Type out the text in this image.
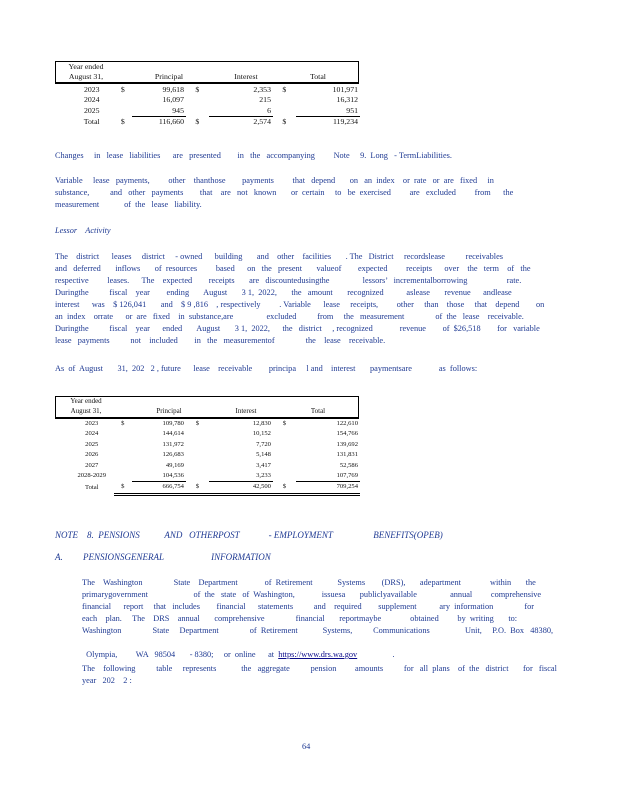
Year ended
August 31,	Principal	Interest	Total
2023	$	99,618	$	2,353	$	101,971
2024		16,097		215		16,312
2025		945		6		951
Total	$	116,660	$	2,574	$	119,234
Changes     in   lease   liabilities      are   presented        in   the   accompanying         Note     9.  Long   - TermLiabilities.
Variable     lease   payments,         other    thanthose        payments         that   depend       on   an  index    or  rate   or  are   fixed     in
substance,          and   other   payments        that    are   not   known       or  certain     to   be  exercised         are   excluded         from      the
measurement            of  the   lease   liability.
Lessor    Activity
The    district      leases     district     - owned      building       and    other    facilities       . The   District     recordslease          receivables
and   deferred       inflows       of  resources         based      on   the   present       valueof        expected         receipts      over    the   term    of   the
respective         leases.      The    expected        receipts       are   discountedusingthe                lessors’   incrementalborrowing                   rate.
Duringthe          fiscal    year        ending       August       3 1,  2022,       the   amount       recognized           aslease       revenue      andlease
interest      was    $ 126,041       and    $ 9 ,816    , respectively         . Variable      lease     receipts,         other     than    those     that    depend        on
an  index    orrate      or  are   fixed    in  substance,are                excluded          from     the   measurement               of  the   lease    receivable.
Duringthe          fiscal    year      ended       August       3 1,  2022,      the   district     , recognized             revenue        of  $26,518        for   variable
lease   payments          not    included        in   the   measurementof               the    lease    receivable.
As  of  August       31,  202   2 , future      lease    receivable        principa     l and    interest       paymentsare             as  follows:
Year ended
August 31,	Principal	Interest	Total
2023	$	109,780	$	12,830	$	122,610
2024		144,614		10,152		154,766
2025		131,972		7,720		139,692
2026		126,683		5,148		131,831
2027		49,169		3,417		52,586
2028-2029		104,536		3,233		107,769
Total	$	666,754	$	42,500	$	709,254
NOTE    8.  PENSIONS           AND   OTHERPOST             - EMPLOYMENT                  BENEFITS(OPEB)
A.         PENSIONSGENERAL                     INFORMATION
The    Washington               State    Department             of  Retirement            Systems        (DRS),       adepartment              within       the
primarygovernment                      of  the   state   of  Washington,             issuesa       publiclyavailable                annual         comprehensive
financial      report     that   includes        financial      statements          and    required        supplement           ary  information               for
each    plan.     The    DRS    annual       comprehensive               financial       reportmaybe              obtained         by  writing       to:
Washington               State     Department               of  Retirement            Systems,          Communications                 Unit,     P.O.  Box   48380,

Olympia,         WA   98504       - 8380;     or  online      at  https://www.drs.wa.gov                 .

The    following          table     represents            the   aggregate          pension         amounts          for   all  plans    of  the   district       for   fiscal
year   202    2 :
64
